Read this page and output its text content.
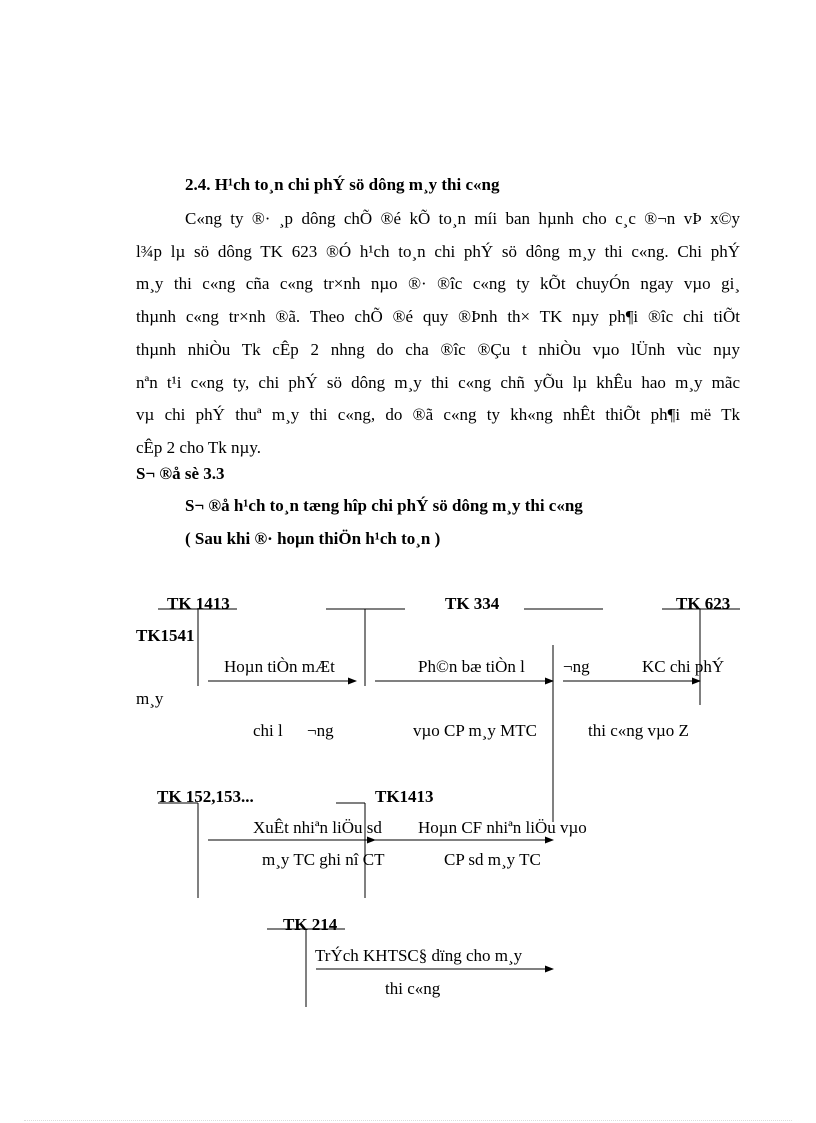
2.4. H¹ch to¸n chi phÝ sö dông m¸y thi c«ng
C«ng ty ®· ¸p dông chÕ ®é kÕ to¸n míi ban hµnh cho c¸c ®¬n vÞ x©y
l¾p lµ sö dông TK 623 ®Ó h¹ch to¸n chi phÝ sö dông m¸y thi c«ng. Chi phÝ
m¸y thi c«ng cña c«ng tr×nh nµo ®· ®îc c«ng ty kÕt chuyÓn ngay vµo gi¸
thµnh c«ng tr×nh ®ã. Theo chÕ ®é quy ®Þnh th× TK nµy ph¶i ®îc chi tiÕt
thµnh nhiÒu Tk cÊp 2 nhng do cha ®îc ®Çu t nhiÒu vµo lÜnh vùc nµy
nªn t¹i c«ng ty, chi phÝ sö dông m¸y thi c«ng chñ yÕu lµ khÊu hao m¸y mãc
vµ chi phÝ thuª m¸y thi c«ng, do ®ã c«ng ty kh«ng nhÊt thiÕt ph¶i më Tk
cÊp 2 cho Tk nµy.
S¬ ®å sè 3.3
S¬ ®å h¹ch to¸n tæng hîp chi phÝ sö dông m¸y thi c«ng
( Sau khi ®· hoµn thiÖn h¹ch to¸n )
TK 1413	TK 334	TK 623
TK1541
TK 152,153...	TK1413
TK 214
Hoµn tiÒn mÆt	Ph©n bæ tiÒn l ¬ng	KC chi phÝ
m¸y
chi l ¬ng	vµo CP m¸y MTC	thi c«ng vµo Z
XuÊt nhiªn liÖu sd Hoµn CF nhiªn liÖu vµo
m¸y TC ghi nî CT	CP sd m¸y TC
TrÝch KHTSC§ dïng cho m¸y
thi c«ng
